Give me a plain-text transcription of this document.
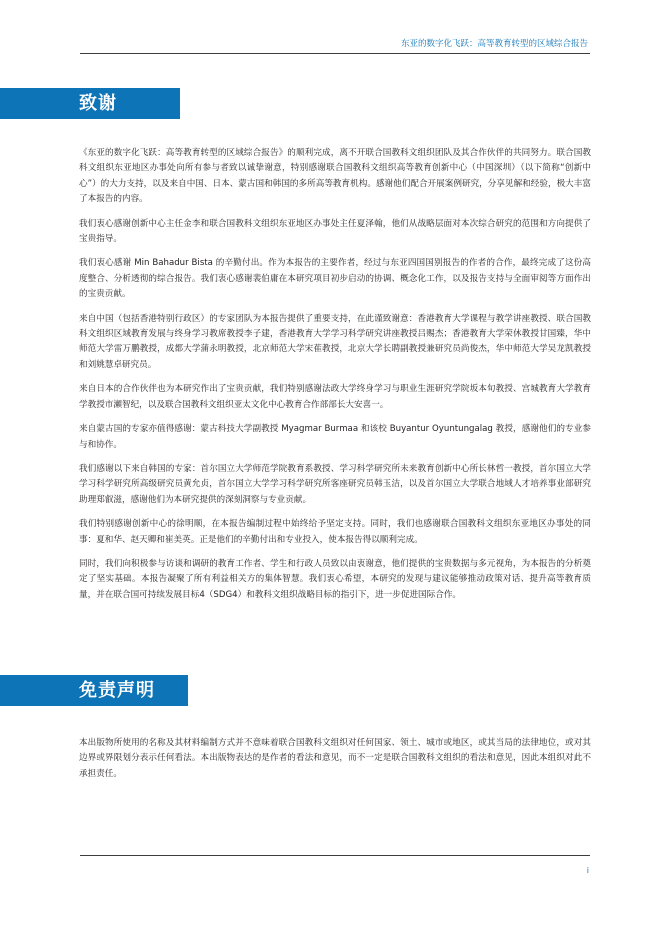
东亚的数字化飞跃：高等教育转型的区域综合报告
致谢

《东亚的数字化飞跃：高等教育转型的区域综合报告》的顺利完成，离不开联合国教科文组织团队及其合作伙伴的共同努力。联合国教科文组织东亚地区办事处向所有参与者致以诚挚谢意，特别感谢联合国教科文组织高等教育创新中心（中国深圳）（以下简称“创新中心”）的大力支持，以及来自中国、日本、蒙古国和韩国的多所高等教育机构。感谢他们配合开展案例研究，分享见解和经验，极大丰富了本报告的内容。

我们衷心感谢创新中心主任金李和联合国教科文组织东亚地区办事处主任夏泽翰，他们从战略层面对本次综合研究的范围和方向提供了宝贵指导。

我们衷心感谢 Min Bahadur Bista 的辛勤付出。作为本报告的主要作者，经过与东亚四国国别报告的作者的合作，最终完成了这份高度整合、分析透彻的综合报告。我们衷心感谢裴伯庸在本研究项目初步启动的协调、概念化工作，以及报告支持与全面审阅等方面作出的宝贵贡献。

来自中国（包括香港特别行政区）的专家团队为本报告提供了重要支持，在此谨致谢意：香港教育大学课程与教学讲座教授、联合国教科文组织区域教育发展与终身学习教席教授李子建，香港教育大学学习科学研究讲座教授吕赐杰；香港教育大学荣休教授甘国臻，华中师范大学雷万鹏教授，成都大学蒲永明教授，北京师范大学宋萑教授，北京大学长聘副教授兼研究员尚俊杰，华中师范大学吴龙凯教授和刘姚慧卓研究员。

来自日本的合作伙伴也为本研究作出了宝贵贡献，我们特别感谢法政大学终身学习与职业生涯研究学院坂本旬教授、宫城教育大学教育学教授市瀬智纪，以及联合国教科文组织亚太文化中心教育合作部部长大安喜一。

来自蒙古国的专家亦值得感谢：蒙古科技大学副教授 Myagmar Burmaa 和该校 Buyantur Oyuntungalag 教授，感谢他们的专业参与和协作。

我们感谢以下来自韩国的专家：首尔国立大学师范学院教育系教授、学习科学研究所未来教育创新中心所长林哲一教授，首尔国立大学学习科学研究所高级研究员黄允贞，首尔国立大学学习科学研究所客座研究员韩玉洁，以及首尔国立大学联合地域人才培养事业部研究助理郑叡滋，感谢他们为本研究提供的深刻洞察与专业贡献。

我们特别感谢创新中心的徐明顺，在本报告编制过程中始终给予坚定支持。同时，我们也感谢联合国教科文组织东亚地区办事处的同事：夏和华、赵天卿和崔美英。正是他们的辛勤付出和专业投入，使本报告得以顺利完成。

同时，我们向积极参与访谈和调研的教育工作者、学生和行政人员致以由衷谢意，他们提供的宝贵数据与多元视角，为本报告的分析奠定了坚实基础。本报告凝聚了所有利益相关方的集体智慧。我们衷心希望，本研究的发现与建议能够推动政策对话、提升高等教育质量，并在联合国可持续发展目标4（SDG4）和教科文组织战略目标的指引下，进一步促进国际合作。

免责声明

本出版物所使用的名称及其材料编制方式并不意味着联合国教科文组织对任何国家、领土、城市或地区，或其当局的法律地位，或对其边界或界限划分表示任何看法。本出版物表达的是作者的看法和意见，而不一定是联合国教科文组织的看法和意见，因此本组织对此不承担责任。

i
